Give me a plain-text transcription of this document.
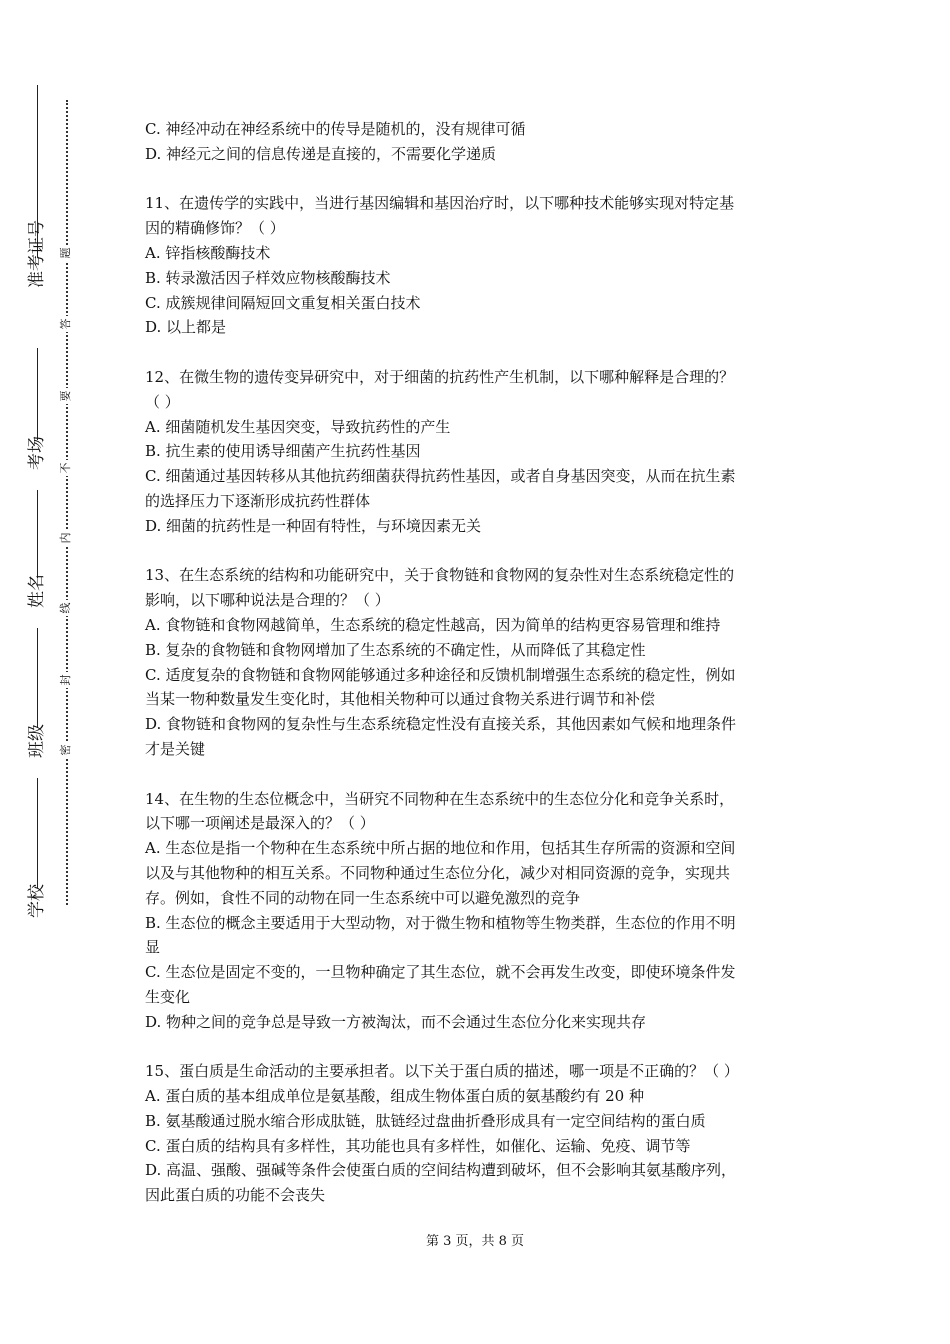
准考证号
考场
姓名
班级
学校
题
答
要
不
内
线
封
密

C. 神经冲动在神经系统中的传导是随机的，没有规律可循

D. 神经元之间的信息传递是直接的，不需要化学递质

11、在遗传学的实践中，当进行基因编辑和基因治疗时，以下哪种技术能够实现对特定基

因的精确修饰？（ ）

A. 锌指核酸酶技术

B. 转录激活因子样效应物核酸酶技术

C. 成簇规律间隔短回文重复相关蛋白技术

D. 以上都是

12、在微生物的遗传变异研究中，对于细菌的抗药性产生机制，以下哪种解释是合理的？

（ ）

A. 细菌随机发生基因突变，导致抗药性的产生

B. 抗生素的使用诱导细菌产生抗药性基因

C. 细菌通过基因转移从其他抗药细菌获得抗药性基因，或者自身基因突变，从而在抗生素

的选择压力下逐渐形成抗药性群体

D. 细菌的抗药性是一种固有特性，与环境因素无关

13、在生态系统的结构和功能研究中，关于食物链和食物网的复杂性对生态系统稳定性的

影响，以下哪种说法是合理的？（ ）

A. 食物链和食物网越简单，生态系统的稳定性越高，因为简单的结构更容易管理和维持

B. 复杂的食物链和食物网增加了生态系统的不确定性，从而降低了其稳定性

C. 适度复杂的食物链和食物网能够通过多种途径和反馈机制增强生态系统的稳定性，例如

当某一物种数量发生变化时，其他相关物种可以通过食物关系进行调节和补偿

D. 食物链和食物网的复杂性与生态系统稳定性没有直接关系，其他因素如气候和地理条件

才是关键

14、在生物的生态位概念中，当研究不同物种在生态系统中的生态位分化和竞争关系时，

以下哪一项阐述是最深入的？（ ）

A. 生态位是指一个物种在生态系统中所占据的地位和作用，包括其生存所需的资源和空间

以及与其他物种的相互关系。不同物种通过生态位分化，减少对相同资源的竞争，实现共

存。例如，食性不同的动物在同一生态系统中可以避免激烈的竞争

B. 生态位的概念主要适用于大型动物，对于微生物和植物等生物类群，生态位的作用不明

显

C. 生态位是固定不变的，一旦物种确定了其生态位，就不会再发生改变，即使环境条件发

生变化

D. 物种之间的竞争总是导致一方被淘汰，而不会通过生态位分化来实现共存

15、蛋白质是生命活动的主要承担者。以下关于蛋白质的描述，哪一项是不正确的？（ ）

A. 蛋白质的基本组成单位是氨基酸，组成生物体蛋白质的氨基酸约有 20 种

B. 氨基酸通过脱水缩合形成肽链，肽链经过盘曲折叠形成具有一定空间结构的蛋白质

C. 蛋白质的结构具有多样性，其功能也具有多样性，如催化、运输、免疫、调节等

D. 高温、强酸、强碱等条件会使蛋白质的空间结构遭到破坏，但不会影响其氨基酸序列，

因此蛋白质的功能不会丧失

第 3 页，共 8 页
